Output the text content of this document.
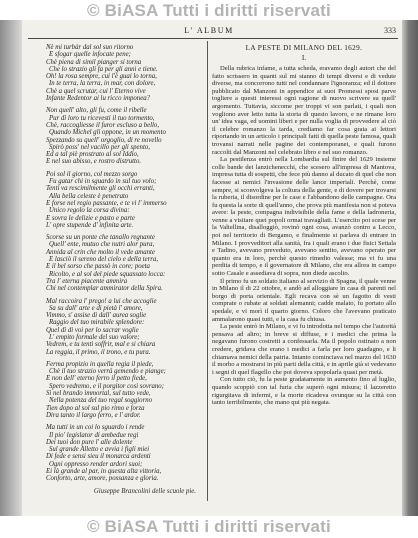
© BiASA Tutti i diritti riservati
L' ALBUM	333
Nè mi turbàr dal sol suo ritorno
E sfogar quelle infocate pene;
Chè piena di simil pianger si torna
Che lo strazio gli fa per gli anni e tiene.
Oh! la rosa sempre, cui l'è guai lo torna,
In te terra, la terra, in mar, con dolore,
Chè a quel scrutar, cui l' Eterno vive
Infante Redentor ai lu ricco imponea?
Non quell' alto, gli fu, come il ribelle
Pur dì loro tu ricevesti il tuo tormento,
Chè, raccogliesse il furor escluso a bello,
Quando Michel gli oppone, in un momento
Spezzando su quell' orgoglio, di re novello
Spirò poss' nel vacillo per gli spento,
Ed a tal piè prostrato al sol Iddio,
E nel suo abisso, e rostro distrutto.
Poi sol il giorno, col mezzo sorgo
Fu gatar chi in sguardo in sul tuo volo;
Tenti va rescimilmente gli occhi erranti,
Alla bella celeste è penetrato
E forse nel regio passante, e te vi l' immerso
Unico regolo la corsa divina:
E sovra le delizie e pasto e parte
L' opre stupende d' infinita arte.
Scorse su un ponte che tanallo regnante
Quell' ente, mutuo che nutri alor pura,
Annida al crin che molto il vede amante
E lasciò il sereno del cielo e della terra,
E il bel sorso che passò in core; poeta
Ricolto, e al sol del piede squassato locca:
Tra l' eterna piacente ammira
Chi nel contemplar ammirator della Spira.
Mal raccoira l' prego! a lui che accoglie
Sa su dall' arte e di pietà l' amore,
Vimmo, s' assise di dall' aurea soglie
Raggio del tuo mirabile splendore:
Quel dì di voi per lo sacrar voglie
L' empito formale del suo valore;
Vedrem, e tu tenti soffrir, mal e si chiara
La reggia, il primo, il trono, e tu pura.
Ferma propizio in quella regia il piede,
Chè il tuo strazio verrà gemendo e piange;
E non dell' eterno ferro il petto fiede,
Spero vedremo, e il porgitor così sovrano;
Sì nel brando immortal, sul tutto vede,
Nella potenza del tuo regal soggiorno
Tien dopo al sol sul pio rimo e forza
Dira tanto il largo ferro, e l' ardor.
Ma tutti in un coi lo sguardo i rende
Il pio' legislator di ambedue regi
Dei tuoi don pure l' alle dolente
Sul grande Alletto e avvia i figli miei
Di fede e sensi sieu il monarca ardenti
Ogni oppresso render ardori suoi;
Ei là grande al par, in questa alta vittoria,
Conforto, arte, amore, possanza e gloria.
Giuseppe Brancolini delle scuole pie.
LA PESTE DI MILANO DEL 1629.
I.

Della rubrica infame, a tutta scheda, eravamo degli autori che del fatto scrissero in quanti sul mi stanno di tempi diversi e di vedute diverse, ma concorrono tutti nel condannare l'ignoranza; ed il dottore pubblicato dal Manzoni in appendice ai suoi Promessi sposi parve togliere a questi interessi ogni ragione di nuovo scrivere su quell' argomento. Tuttavia, siccome per troppi vi son parlati, i quali non vogliono aver letto tutta la storia di questo lavoro, e ne rimane loro un' idea vaga, ed uomini liberi e per nulla voglia di provvedere al ciò il celebre romanzo la tarda, crediamo far cosa grata ai lettori riportando in un articolo i principali fatti di quella peste famosa, quali trovansi narrati nelle pagine dei contemporanei, e quali furono raccolti dal Manzoni nel celebrato libro e nel suo romanzo.

La pestilenza entrò nella Lombardia sul finire del 1629 insieme colle bande dei lanzichenecchi, che scesero all'impresa di Mantova, impresa tutta di sospetti, che fece più danno al ducato di quel che non facesse ai nemici l'invasione delle lance imperiali. Perchè, come sempre, si sconvolgeva la coltura della gente, e di dovere per trovarsi la ruberia, il disordine per le case e l'abbandono delle campagne. Ora fu questa la sorte di quell'anno, che prova più manifesta non si poteva avere: la peste, compagna indivisibile della fame e della ladroneria, venne a visitare quei popoli ormai travagliati. L'esercito poi scese per la Valtellina, disalloggiò, rovinò ogni cosa, avanzò contro a Lecco, poi nel territorio di Bergamo, e finalmente si parlava di entrare in Milano. I provveditori alla sanità, fra i quali erano i due fisici Settala e Tadino, avevano preveduto, avevano sentito, avevano operato per quanto era in loro, perchè questo rimedio valesse; ma vi fu una perdita di tempo, e il governatore di Milano, che era allora in campo sotto Casale e assediava di sopra, non diede ascolto.

Il primo fu un soldato italiano al servizio di Spagna, il quale venne in Milano il di 22 ottobre, e andò ad alloggiare in casa di parenti nel borgo di porta orientale. Egli recava con sè un fagotto di vesti comprate o rubate ai soldati alemanni; cadde malato, fu portato allo spedale, e vi morì il quarto giorno. Coloro che l'avevano praticato ammalarono quasi tutti, e la casa fu chiusa.

La peste entrò in Milano, e vi fu introdotta nel tempo che l'autorità pensava ad altro; in breve si diffuse, e i medici che prima la negavano furono costretti a confessarla. Ma il popolo ostinato a non credere, gridava che erano i medici a farla per loro guadagno, e li chiamava nemici della patria. Intanto cominciava nel marzo del 1630 il morbo a mostrarsi in più parti della città, e in aprile già si vedevano i segni di quel flagello che poi doveva spopolarla quasi per metà.

Con tutto ciò, fu la peste gradatamente in aumento fino al luglio, quando scoppiò con tal furia che superò ogni misura; il lazzeretto rigurgitava di infermi, e la morte ricadeva ovunque su la città con tanto terribilmente, che mano qui più negata.

© BiASA Tutti i diritti riservati
